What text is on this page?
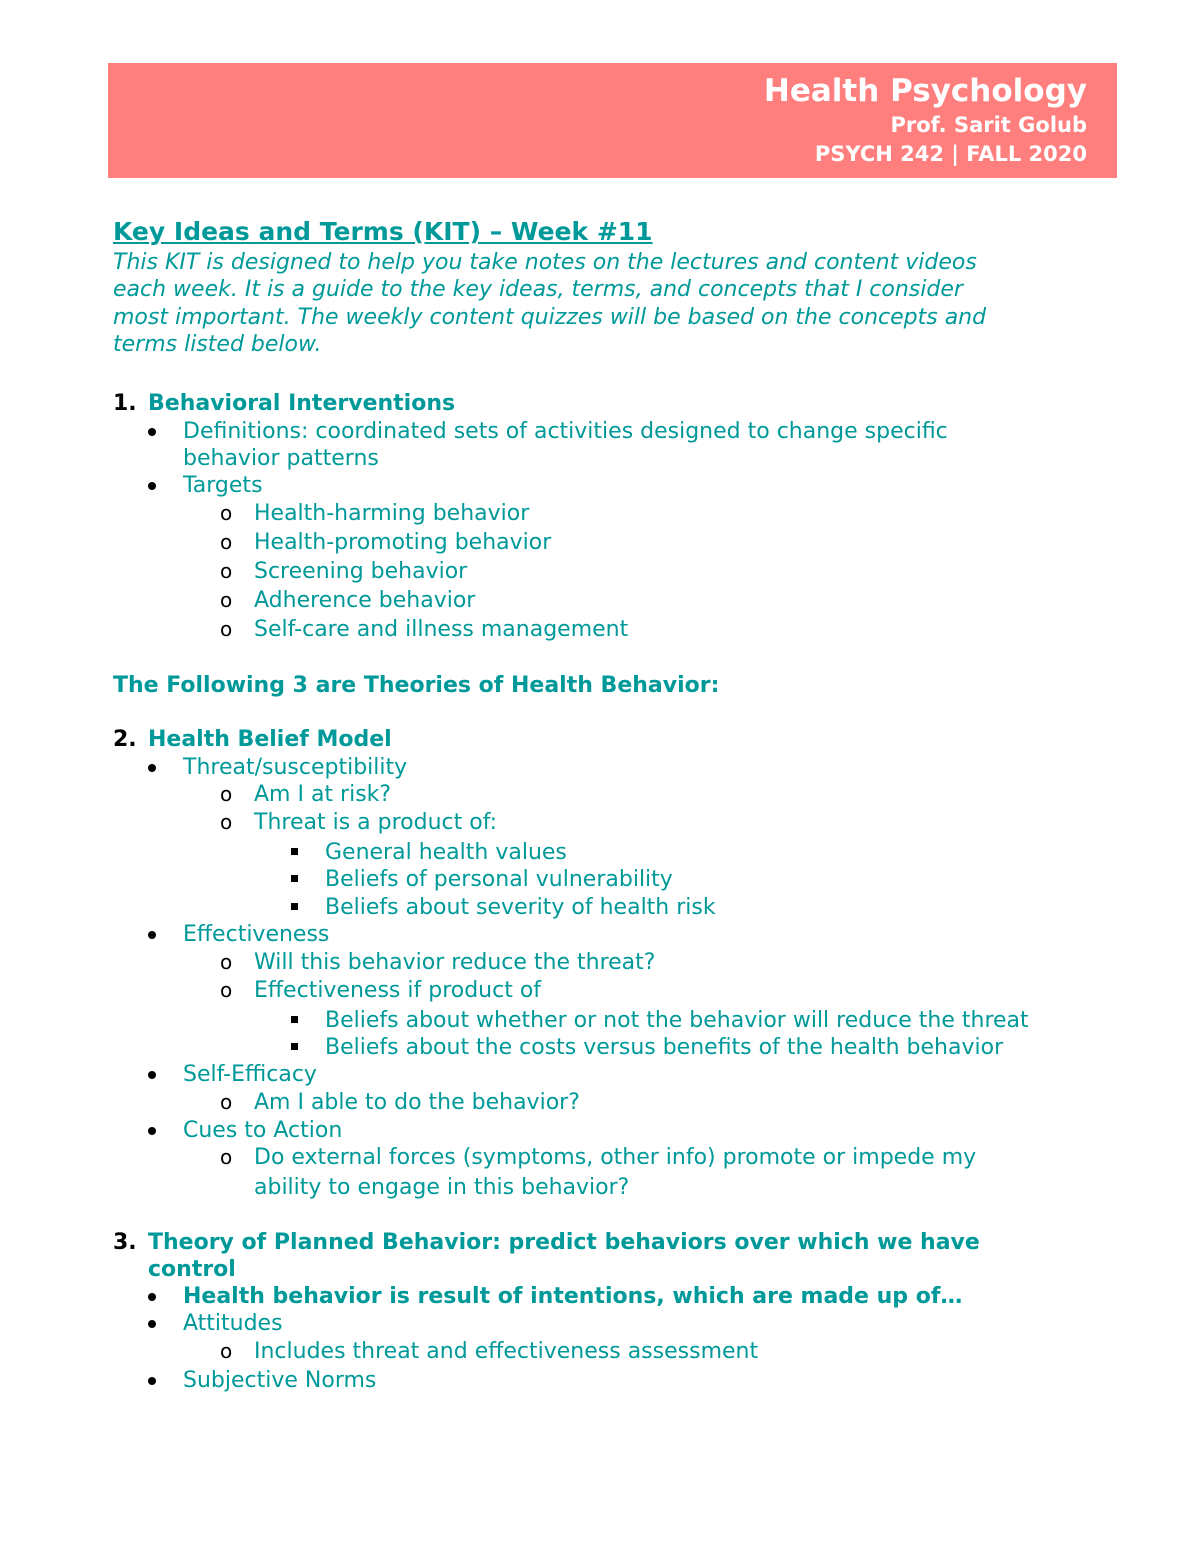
Health Psychology
Prof. Sarit Golub
PSYCH 242 | FALL 2020
Key Ideas and Terms (KIT) – Week #11
This KIT is designed to help you take notes on the lectures and content videos
each week. It is a guide to the key ideas, terms, and concepts that I consider
most important. The weekly content quizzes will be based on the concepts and
terms listed below.
1. Behavioral Interventions
Definitions: coordinated sets of activities designed to change specific
behavior patterns
Targets
o Health-harming behavior
o Health-promoting behavior
o Screening behavior
o Adherence behavior
o Self-care and illness management
The Following 3 are Theories of Health Behavior:
2. Health Belief Model
Threat/susceptibility
o Am I at risk?
o Threat is a product of:
General health values
Beliefs of personal vulnerability
Beliefs about severity of health risk
Effectiveness
o Will this behavior reduce the threat?
o Effectiveness if product of
Beliefs about whether or not the behavior will reduce the threat
Beliefs about the costs versus benefits of the health behavior
Self-Efficacy
o Am I able to do the behavior?
Cues to Action
o Do external forces (symptoms, other info) promote or impede my
ability to engage in this behavior?
3. Theory of Planned Behavior: predict behaviors over which we have
control
Health behavior is result of intentions, which are made up of…
Attitudes
o Includes threat and effectiveness assessment
Subjective Norms
